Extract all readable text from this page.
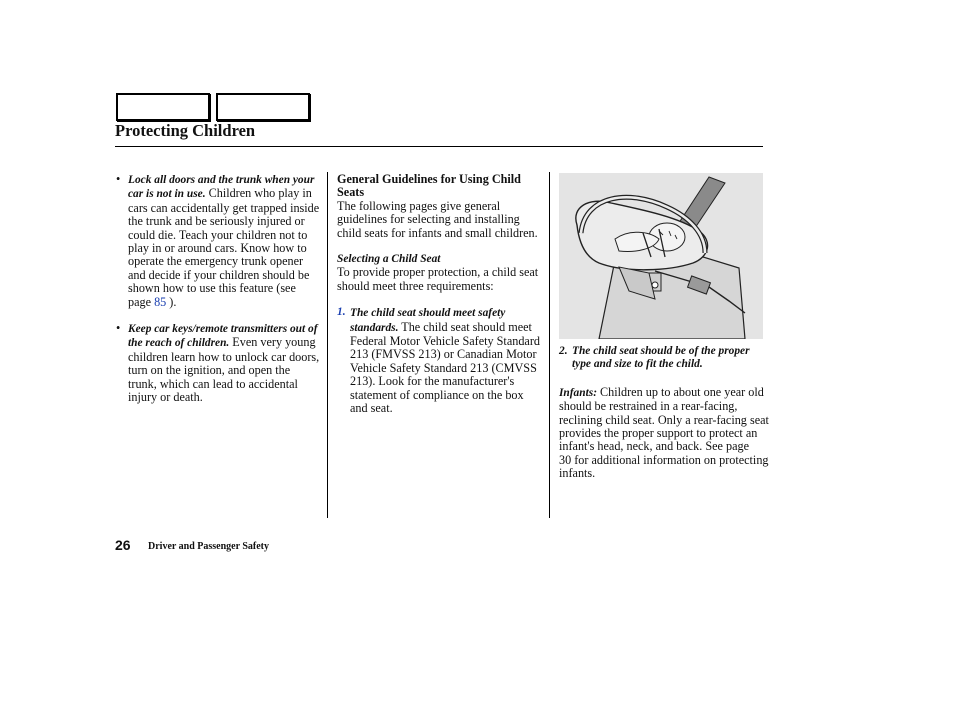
Protecting Children
• Lock all doors and the trunk when your car is not in use. Children who play in cars can accidentally get trapped inside the trunk and be seriously injured or could die. Teach your children not to play in or around cars. Know how to operate the emergency trunk opener and decide if your children should be shown how to use this feature (see page 85 ).
• Keep car keys/remote transmitters out of the reach of children. Even very young children learn how to unlock car doors, turn on the ignition, and open the trunk, which can lead to accidental injury or death.
General Guidelines for Using Child Seats
The following pages give general guidelines for selecting and installing child seats for infants and small children.
Selecting a Child Seat
To provide proper protection, a child seat should meet three requirements:
1. The child seat should meet safety standards. The child seat should meet Federal Motor Vehicle Safety Standard 213 (FMVSS 213) or Canadian Motor Vehicle Safety Standard 213 (CMVSS 213). Look for the manufacturer's statement of compliance on the box and seat.
2. The child seat should be of the proper type and size to fit the child.
Infants: Children up to about one year old should be restrained in a rear-facing, reclining child seat. Only a rear-facing seat provides the proper support to protect an infant's head, neck, and back. See page
30 for additional information on protecting infants.
26 Driver and Passenger Safety
